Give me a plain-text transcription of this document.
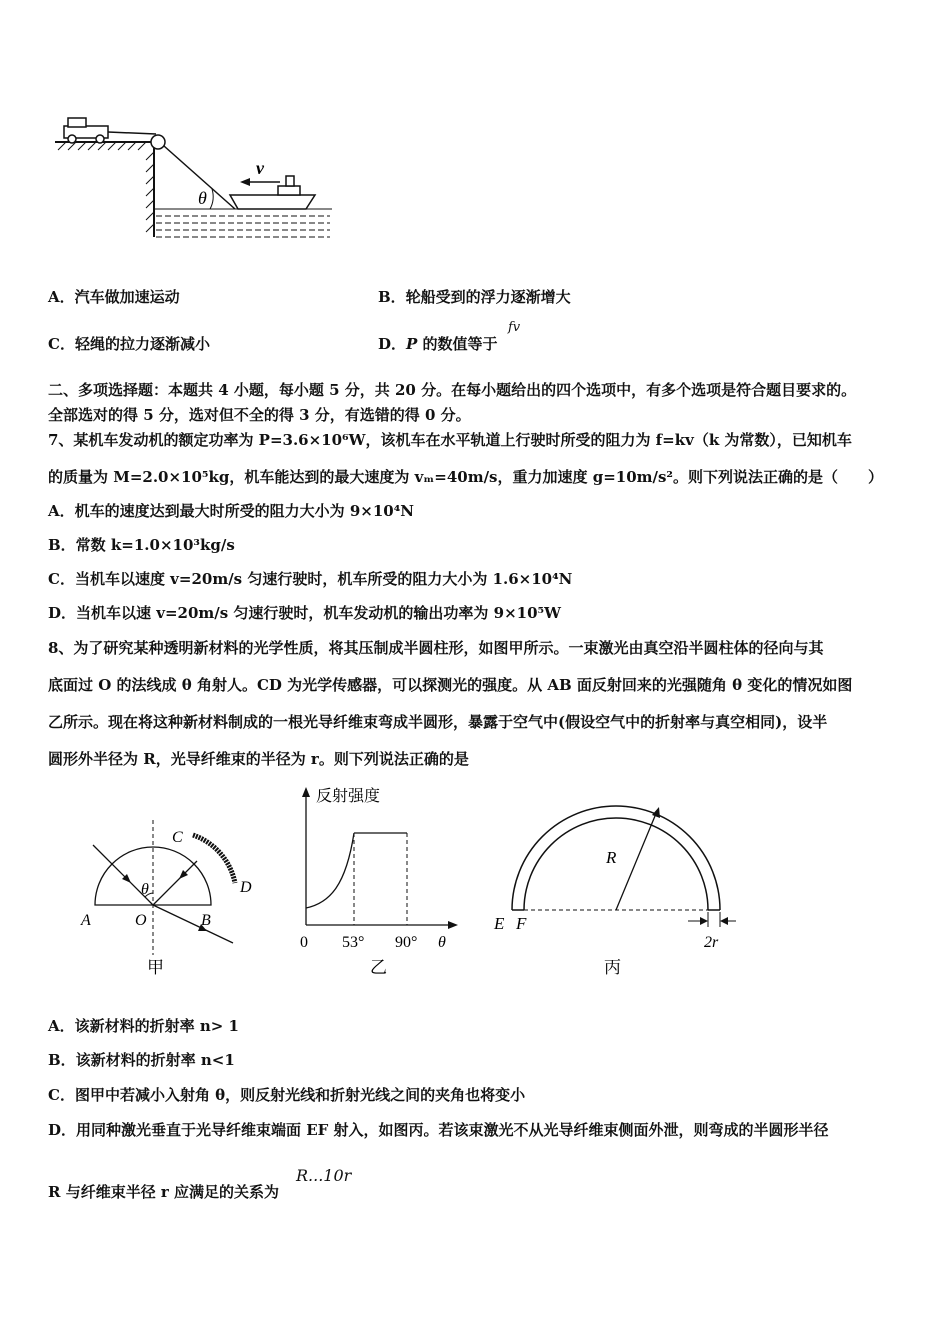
θ
v
A．汽车做加速运动	B．轮船受到的浮力逐渐增大
C．轻绳的拉力逐渐减小	D．P 的数值等于
fv
二、多项选择题：本题共 4 小题，每小题 5 分，共 20 分。在每小题给出的四个选项中，有多个选项是符合题目要求的。
全部选对的得 5 分，选对但不全的得 3 分，有选错的得 0 分。
7、某机车发动机的额定功率为 P=3.6×10⁶W，该机车在水平轨道上行驶时所受的阻力为 f=kv（k 为常数），已知机车
的质量为 M=2.0×10⁵kg，机车能达到的最大速度为 vₘ=40m/s，重力加速度 g=10m/s²。则下列说法正确的是（　　）
A．机车的速度达到最大时所受的阻力大小为 9×10⁴N
B．常数 k=1.0×10³kg/s
C．当机车以速度 v=20m/s 匀速行驶时，机车所受的阻力大小为 1.6×10⁴N
D．当机车以速 v=20m/s 匀速行驶时，机车发动机的输出功率为 9×10⁵W
8、为了研究某种透明新材料的光学性质，将其压制成半圆柱形，如图甲所示。一束激光由真空沿半圆柱体的径向与其
底面过 O 的法线成 θ 角射人。CD 为光学传感器，可以探测光的强度。从 AB 面反射回来的光强随角 θ 变化的情况如图
乙所示。现在将这种新材料制成的一根光导纤维束弯成半圆形，暴露于空气中(假设空气中的折射率与真空相同)，设半
圆形外半径为 R，光导纤维束的半径为 r。则下列说法正确的是
θ
A	O	B
C
D
甲
反射强度
0 53° 90° θ
乙
R
E F
2r
丙
A．该新材料的折射率 n> 1
B．该新材料的折射率 n<1
C．图甲中若减小入射角 θ，则反射光线和折射光线之间的夹角也将变小
D．用同种激光垂直于光导纤维束端面 EF 射入，如图丙。若该束激光不从光导纤维束侧面外泄，则弯成的半圆形半径
R 与纤维束半径 r 应满足的关系为
R...10r
